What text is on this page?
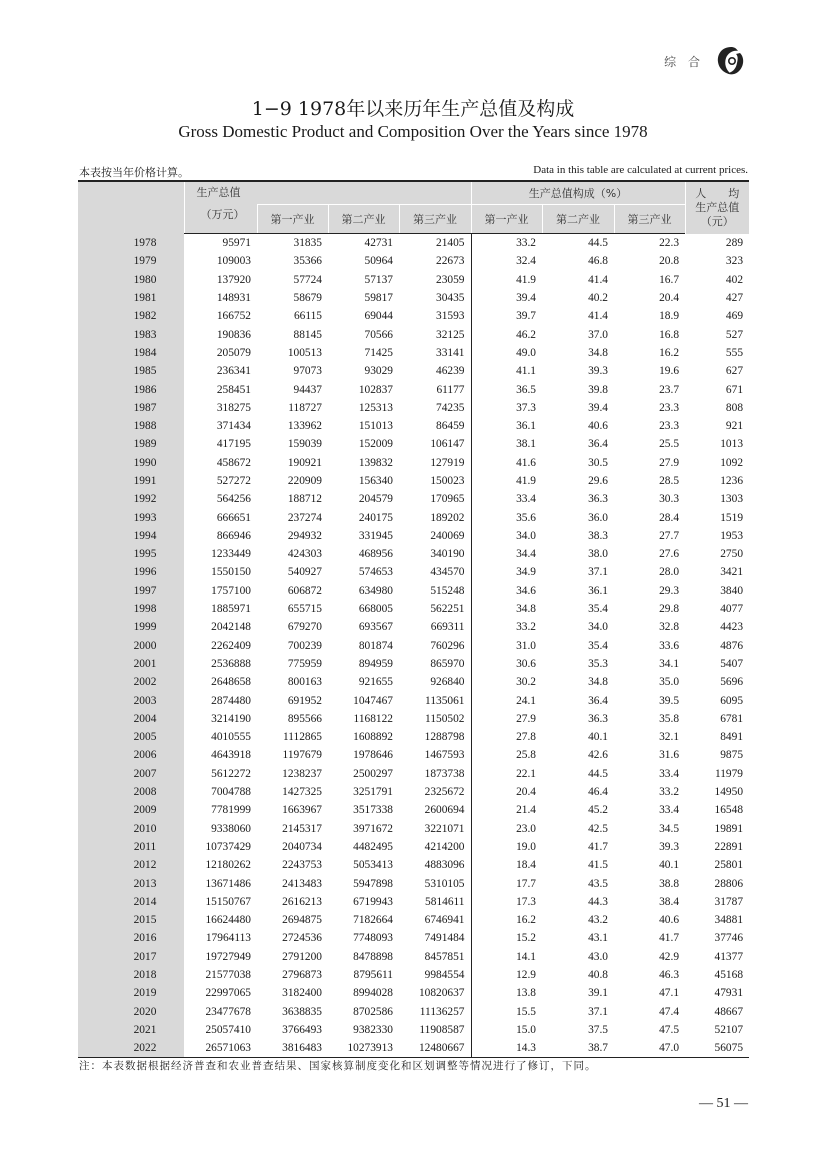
综 合
1−9 1978年以来历年生产总值及构成
Gross Domestic Product and Composition Over the Years since 1978
本表按当年价格计算。	Data in this table are calculated at current prices.
	生产总值				生产总值构成（%）			人　　均
生产总值
（元）

	（万元）	第一产业	第二产业	第三产业	第一产业	第二产业	第三产业	
1978	95971	31835	42731	21405	33.2	44.5	22.3	289
1979	109003	35366	50964	22673	32.4	46.8	20.8	323
1980	137920	57724	57137	23059	41.9	41.4	16.7	402
1981	148931	58679	59817	30435	39.4	40.2	20.4	427
1982	166752	66115	69044	31593	39.7	41.4	18.9	469
1983	190836	88145	70566	32125	46.2	37.0	16.8	527
1984	205079	100513	71425	33141	49.0	34.8	16.2	555
1985	236341	97073	93029	46239	41.1	39.3	19.6	627
1986	258451	94437	102837	61177	36.5	39.8	23.7	671
1987	318275	118727	125313	74235	37.3	39.4	23.3	808
1988	371434	133962	151013	86459	36.1	40.6	23.3	921
1989	417195	159039	152009	106147	38.1	36.4	25.5	1013
1990	458672	190921	139832	127919	41.6	30.5	27.9	1092
1991	527272	220909	156340	150023	41.9	29.6	28.5	1236
1992	564256	188712	204579	170965	33.4	36.3	30.3	1303
1993	666651	237274	240175	189202	35.6	36.0	28.4	1519
1994	866946	294932	331945	240069	34.0	38.3	27.7	1953
1995	1233449	424303	468956	340190	34.4	38.0	27.6	2750
1996	1550150	540927	574653	434570	34.9	37.1	28.0	3421
1997	1757100	606872	634980	515248	34.6	36.1	29.3	3840
1998	1885971	655715	668005	562251	34.8	35.4	29.8	4077
1999	2042148	679270	693567	669311	33.2	34.0	32.8	4423
2000	2262409	700239	801874	760296	31.0	35.4	33.6	4876
2001	2536888	775959	894959	865970	30.6	35.3	34.1	5407
2002	2648658	800163	921655	926840	30.2	34.8	35.0	5696
2003	2874480	691952	1047467	1135061	24.1	36.4	39.5	6095
2004	3214190	895566	1168122	1150502	27.9	36.3	35.8	6781
2005	4010555	1112865	1608892	1288798	27.8	40.1	32.1	8491
2006	4643918	1197679	1978646	1467593	25.8	42.6	31.6	9875
2007	5612272	1238237	2500297	1873738	22.1	44.5	33.4	11979
2008	7004788	1427325	3251791	2325672	20.4	46.4	33.2	14950
2009	7781999	1663967	3517338	2600694	21.4	45.2	33.4	16548
2010	9338060	2145317	3971672	3221071	23.0	42.5	34.5	19891
2011	10737429	2040734	4482495	4214200	19.0	41.7	39.3	22891
2012	12180262	2243753	5053413	4883096	18.4	41.5	40.1	25801
2013	13671486	2413483	5947898	5310105	17.7	43.5	38.8	28806
2014	15150767	2616213	6719943	5814611	17.3	44.3	38.4	31787
2015	16624480	2694875	7182664	6746941	16.2	43.2	40.6	34881
2016	17964113	2724536	7748093	7491484	15.2	43.1	41.7	37746
2017	19727949	2791200	8478898	8457851	14.1	43.0	42.9	41377
2018	21577038	2796873	8795611	9984554	12.9	40.8	46.3	45168
2019	22997065	3182400	8994028	10820637	13.8	39.1	47.1	47931
2020	23477678	3638835	8702586	11136257	15.5	37.1	47.4	48667
2021	25057410	3766493	9382330	11908587	15.0	37.5	47.5	52107
2022	26571063	3816483	10273913	12480667	14.3	38.7	47.0	56075
注：本表数据根据经济普查和农业普查结果、国家核算制度变化和区划调整等情况进行了修订，下同。
— 51 —
